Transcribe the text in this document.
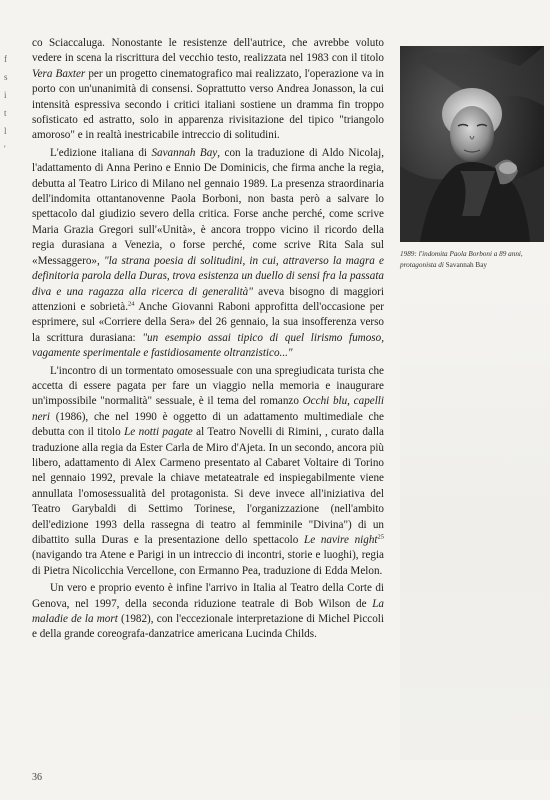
f
s
i
t
l
'

co Sciaccaluga. Nonostante le resistenze dell'autrice, che avrebbe voluto vedere in scena la riscrittura del vecchio testo, realizzata nel 1983 con il titolo Vera Baxter per un progetto cinematografico mai realizzato, l'operazione va in porto con un'unanimità di consensi. Soprattutto verso Andrea Jonasson, la cui intensità espressiva secondo i critici italiani sostiene un dramma fin troppo sofisticato ed astratto, solo in apparenza rivisitazione del tipico "triangolo amoroso" e in realtà inestricabile intreccio di solitudini.

L'edizione italiana di Savannah Bay, con la traduzione di Aldo Nicolaj, l'adattamento di Anna Perino e Ennio De Dominicis, che firma anche la regia, debutta al Teatro Lirico di Milano nel gennaio 1989. La presenza straordinaria dell'indomita ottantanovenne Paola Borboni, non basta però a salvare lo spettacolo dal giudizio severo della critica. Forse anche perché, come scrive Maria Grazia Gregori sull'«Unità», è ancora troppo vicino il ricordo della regia durasiana a Venezia, o forse perché, come scrive Rita Sala sul «Messaggero», "la strana poesia di solitudini, in cui, attraverso la magra e definitoria parola della Duras, trova esistenza un duello di sensi fra la passata diva e una ragazza alla ricerca di generalità" aveva bisogno di maggiori attenzioni e sobrietà.$^{24}$ Anche Giovanni Raboni approfitta dell'occasione per esprimere, sul «Corriere della Sera» del 26 gennaio, la sua insofferenza verso la scrittura durasiana: "un esempio assai tipico di quel lirismo fumoso, vagamente sperimentale e fastidiosamente oltranzistico..."

L'incontro di un tormentato omosessuale con una spregiudicata turista che accetta di essere pagata per fare un viaggio nella memoria e inaugurare un'impossibile "normalità" sessuale, è il tema del romanzo Occhi blu, capelli neri (1986), che nel 1990 è oggetto di un adattamento multimediale che debutta con il titolo Le notti pagate al Teatro Novelli di Rimini, , curato dalla traduzione alla regia da Ester Carla de Miro d'Ajeta. In un secondo, ancora più libero, adattamento di Alex Carmeno presentato al Cabaret Voltaire di Torino nel gennaio 1992, prevale la chiave metateatrale ed inspiegabilmente viene annullata l'omosessualità del protagonista. Si deve invece all'iniziativa del Teatro Garybaldi di Settimo Torinese, l'organizzazione (nell'ambito dell'edizione 1993 della rassegna di teatro al femminile "Divina") di un dibattito sulla Duras e la presentazione dello spettacolo Le navire night$^{25}$ (navigando tra Atene e Parigi in un intreccio di incontri, storie e luoghi), regia di Pietra Nicolicchia Vercellone, con Ermanno Pea, traduzione di Edda Melon.

Un vero e proprio evento è infine l'arrivo in Italia al Teatro della Corte di Genova, nel 1997, della seconda riduzione teatrale di Bob Wilson de La maladie de la mort (1982), con l'eccezionale interpretazione di Michel Piccoli e della grande coreografa-danzatrice americana Lucinda Childs.

1989: l'indomita Paola Borboni a 89 anni, protagonista di Savannah Bay
36
